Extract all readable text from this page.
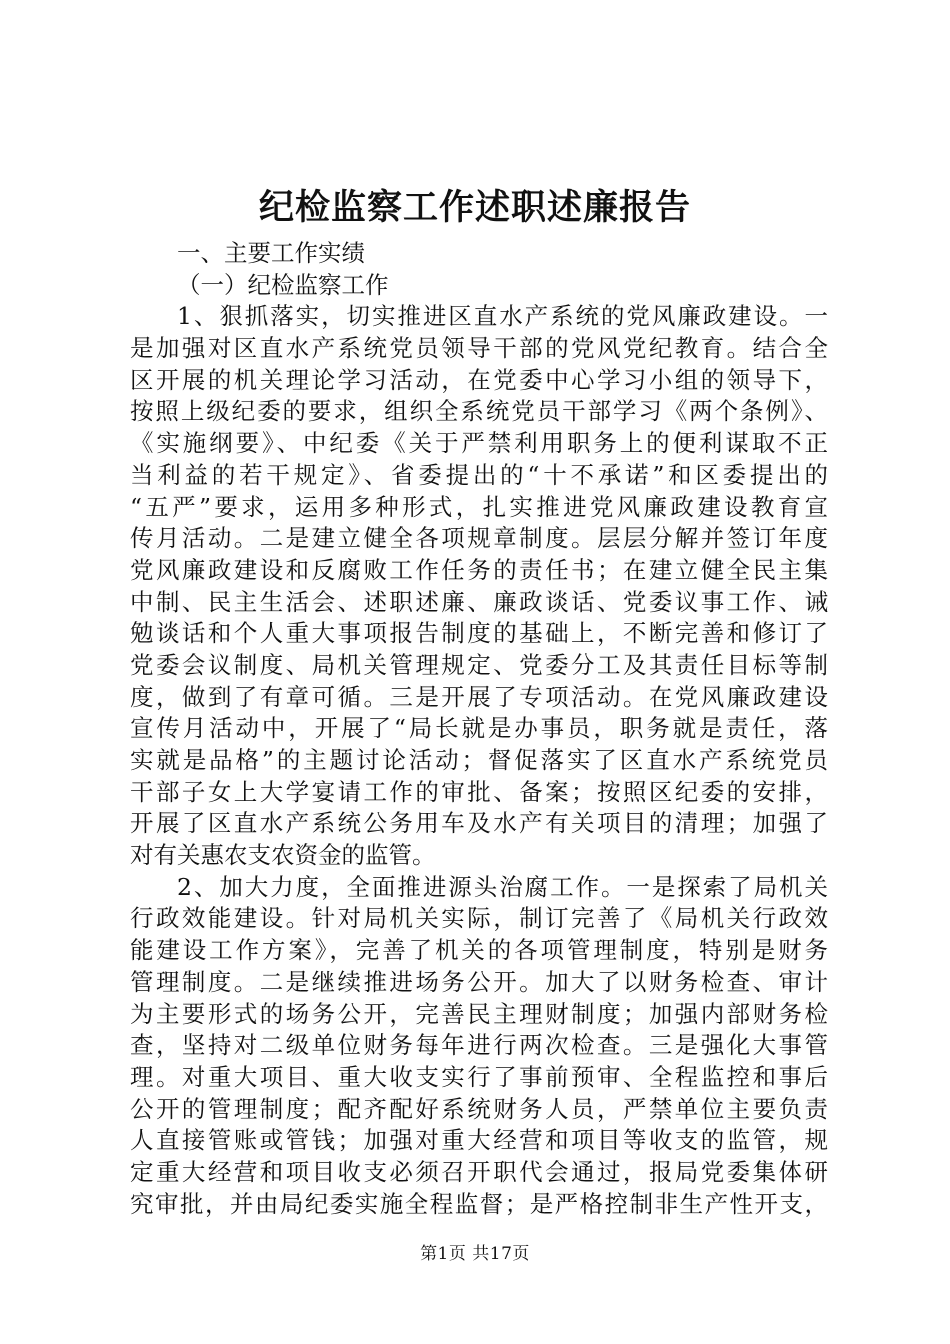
纪检监察工作述职述廉报告
一、主要工作实绩
（一）纪检监察工作
1、狠抓落实，切实推进区直水产系统的党风廉政建设。一
是加强对区直水产系统党员领导干部的党风党纪教育。结合全
区开展的机关理论学习活动，在党委中心学习小组的领导下，
按照上级纪委的要求，组织全系统党员干部学习《两个条例》、
《实施纲要》、中纪委《关于严禁利用职务上的便利谋取不正
当利益的若干规定》、省委提出的“十不承诺”和区委提出的
“五严”要求，运用多种形式，扎实推进党风廉政建设教育宣
传月活动。二是建立健全各项规章制度。层层分解并签订年度
党风廉政建设和反腐败工作任务的责任书；在建立健全民主集
中制、民主生活会、述职述廉、廉政谈话、党委议事工作、诫
勉谈话和个人重大事项报告制度的基础上，不断完善和修订了
党委会议制度、局机关管理规定、党委分工及其责任目标等制
度，做到了有章可循。三是开展了专项活动。在党风廉政建设
宣传月活动中，开展了“局长就是办事员，职务就是责任，落
实就是品格”的主题讨论活动；督促落实了区直水产系统党员
干部子女上大学宴请工作的审批、备案；按照区纪委的安排，
开展了区直水产系统公务用车及水产有关项目的清理；加强了
对有关惠农支农资金的监管。
2、加大力度，全面推进源头治腐工作。一是探索了局机关
行政效能建设。针对局机关实际，制订完善了《局机关行政效
能建设工作方案》，完善了机关的各项管理制度，特别是财务
管理制度。二是继续推进场务公开。加大了以财务检查、审计
为主要形式的场务公开，完善民主理财制度；加强内部财务检
查，坚持对二级单位财务每年进行两次检查。三是强化大事管
理。对重大项目、重大收支实行了事前预审、全程监控和事后
公开的管理制度；配齐配好系统财务人员，严禁单位主要负责
人直接管账或管钱；加强对重大经营和项目等收支的监管，规
定重大经营和项目收支必须召开职代会通过，报局党委集体研
究审批，并由局纪委实施全程监督；是严格控制非生产性开支，
第1页 共17页
